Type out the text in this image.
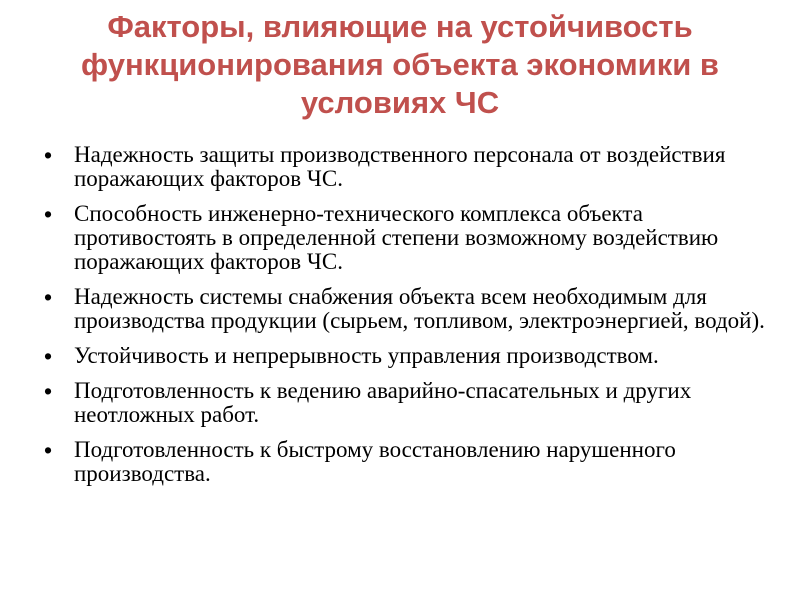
Факторы, влияющие на устойчивость
функционирования объекта экономики в
условиях ЧС
• Надежность защиты производственного персонала от воздействия поражающих факторов ЧС.
• Способность инженерно-технического комплекса объекта противостоять в определенной степени возможному воздействию поражающих факторов ЧС.
• Надежность системы снабжения объекта всем необходимым для производства продукции (сырьем, топливом, электроэнергией, водой).
• Устойчивость и непрерывность управления производством.
• Подготовленность к ведению аварийно-спасательных и других неотложных работ.
• Подготовленность к быстрому восстановлению нарушенного производства.
